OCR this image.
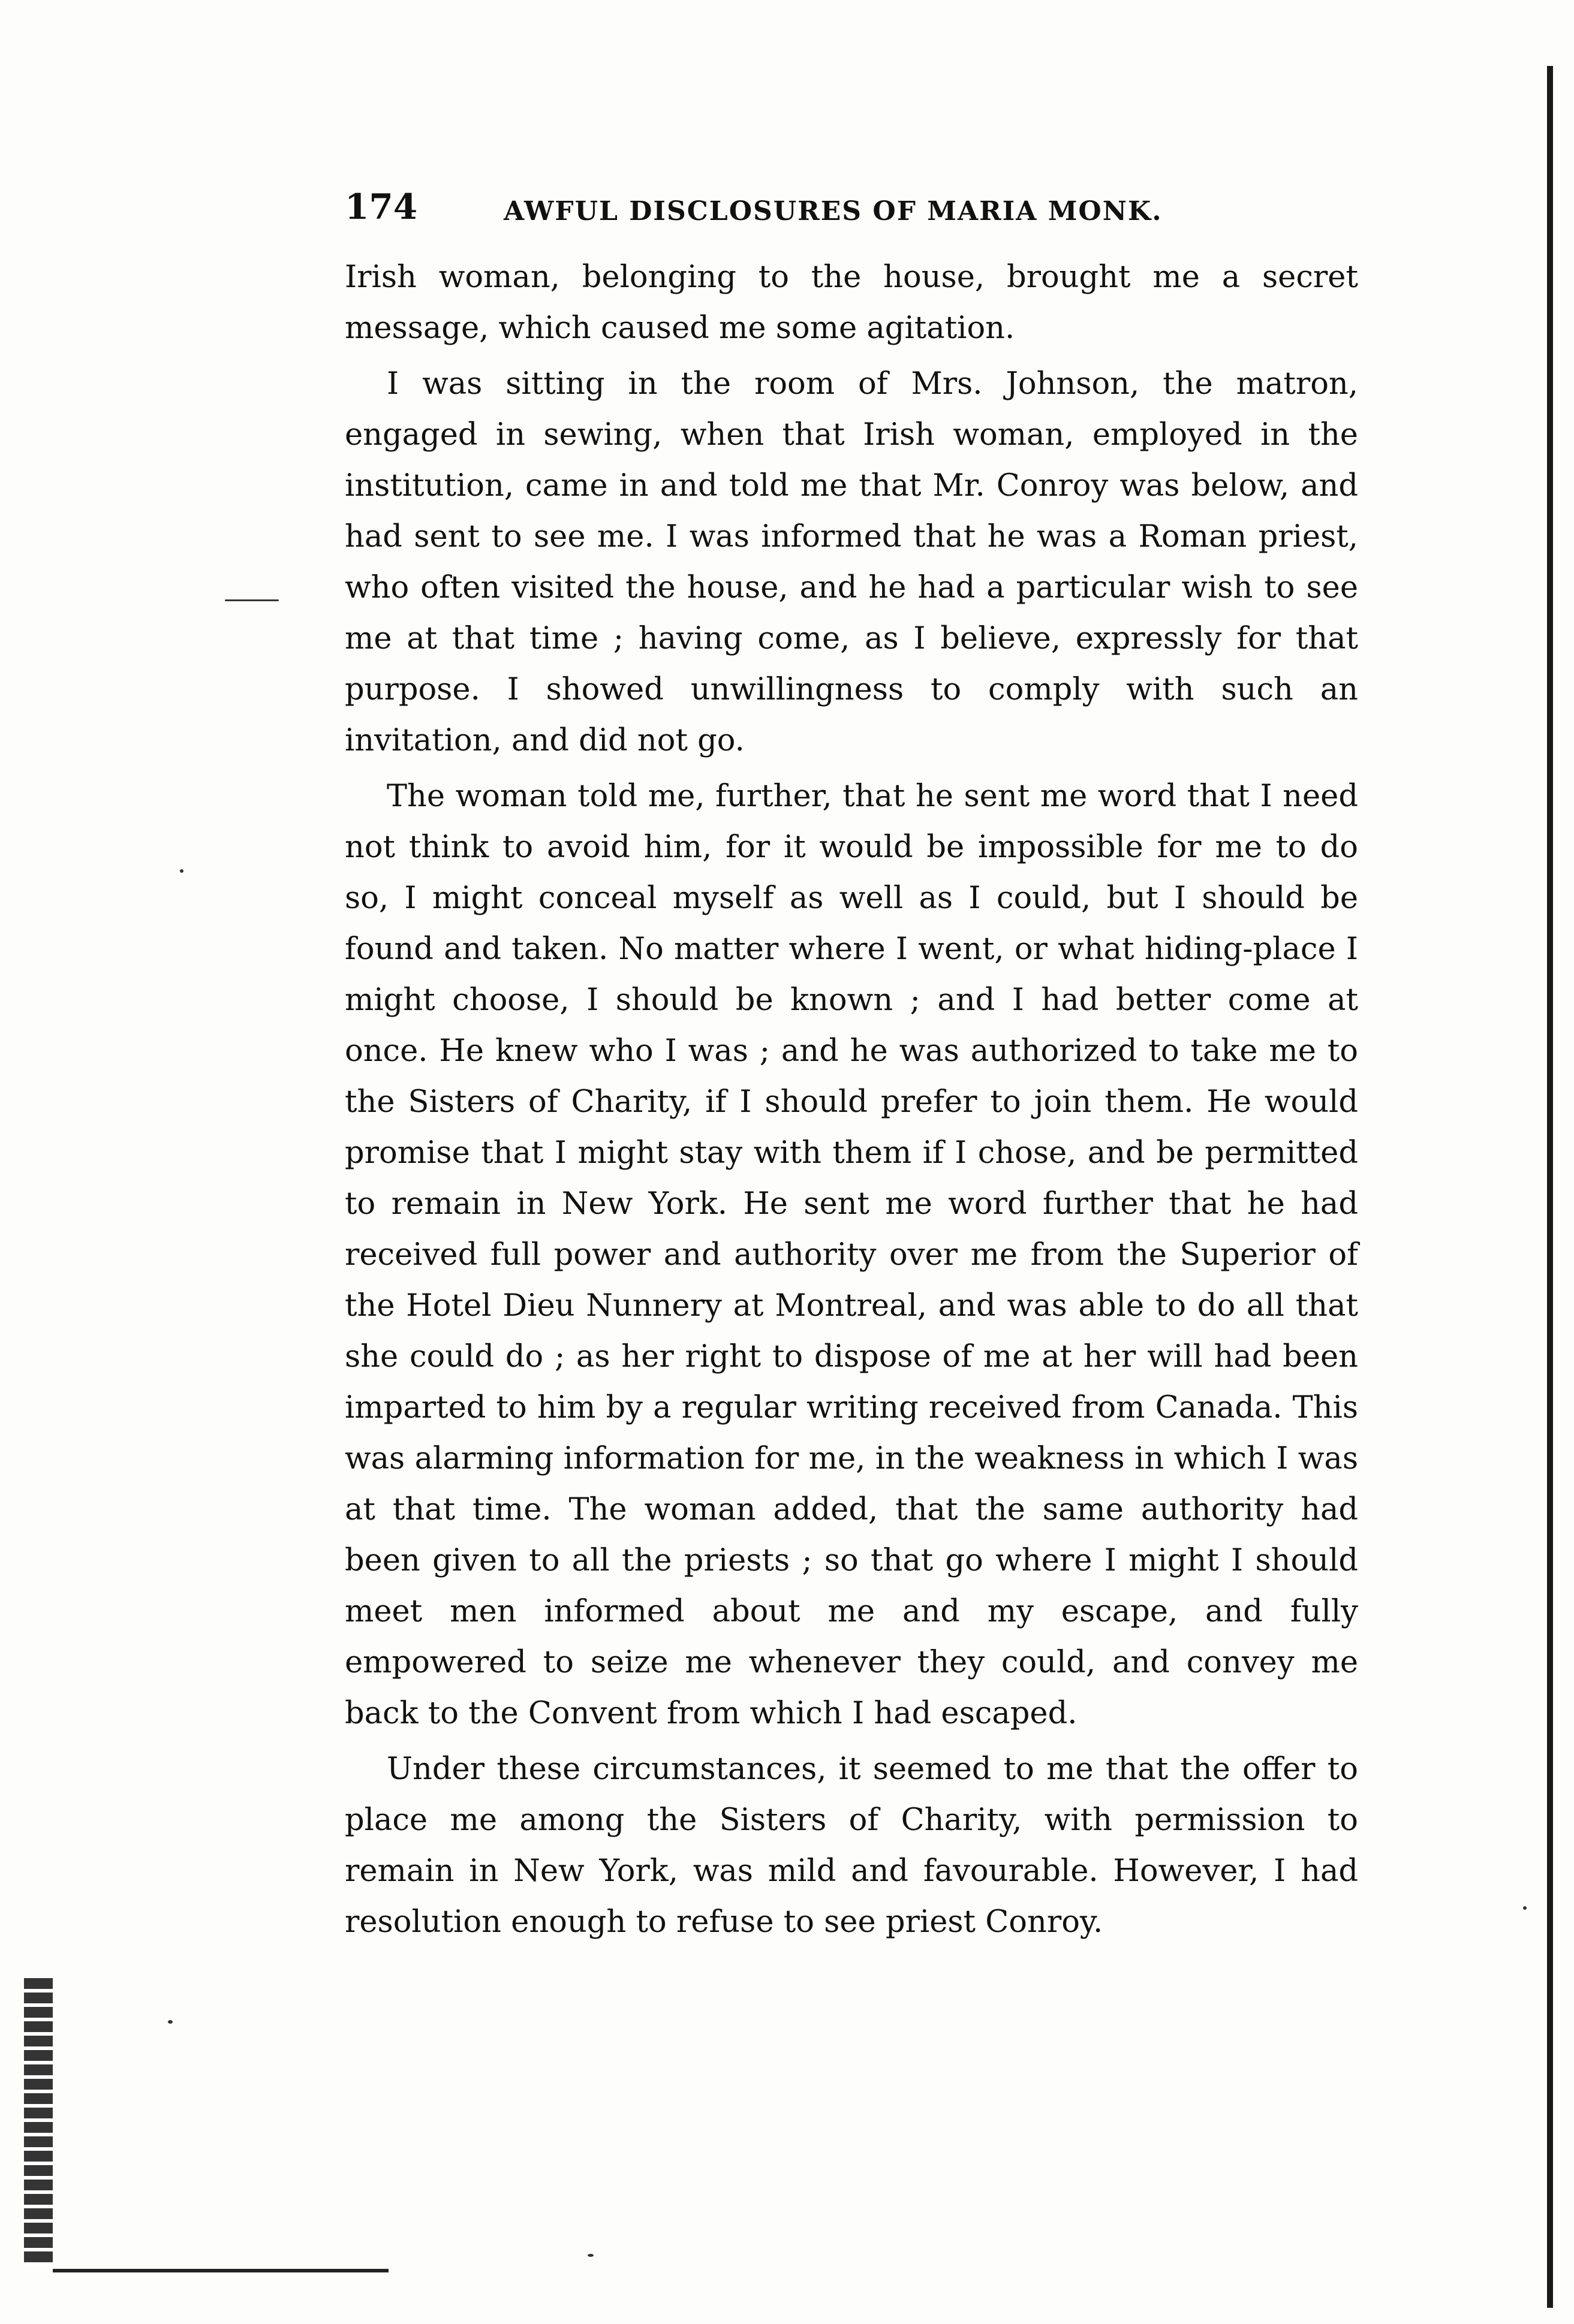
174	AWFUL DISCLOSURES OF MARIA MONK.

Irish woman, belonging to the house, brought me a secret message, which caused me some agitation.

I was sitting in the room of Mrs. Johnson, the matron, engaged in sewing, when that Irish woman, employed in the institution, came in and told me that Mr. Conroy was below, and had sent to see me. I was informed that he was a Roman priest, who often visited the house, and he had a particular wish to see me at that time ; having come, as I believe, expressly for that purpose. I showed unwillingness to comply with such an invitation, and did not go.

The woman told me, further, that he sent me word that I need not think to avoid him, for it would be impossible for me to do so, I might conceal myself as well as I could, but I should be found and taken. No matter where I went, or what hiding-place I might choose, I should be known ; and I had better come at once. He knew who I was ; and he was authorized to take me to the Sisters of Charity, if I should prefer to join them. He would promise that I might stay with them if I chose, and be permitted to remain in New York. He sent me word further that he had received full power and authority over me from the Superior of the Hotel Dieu Nunnery at Montreal, and was able to do all that she could do ; as her right to dispose of me at her will had been imparted to him by a regular writing received from Canada. This was alarming information for me, in the weakness in which I was at that time. The woman added, that the same authority had been given to all the priests ; so that go where I might I should meet men informed about me and my escape, and fully empowered to seize me whenever they could, and convey me back to the Convent from which I had escaped.

Under these circumstances, it seemed to me that the offer to place me among the Sisters of Charity, with permission to remain in New York, was mild and favourable. However, I had resolution enough to refuse to see priest Conroy.
